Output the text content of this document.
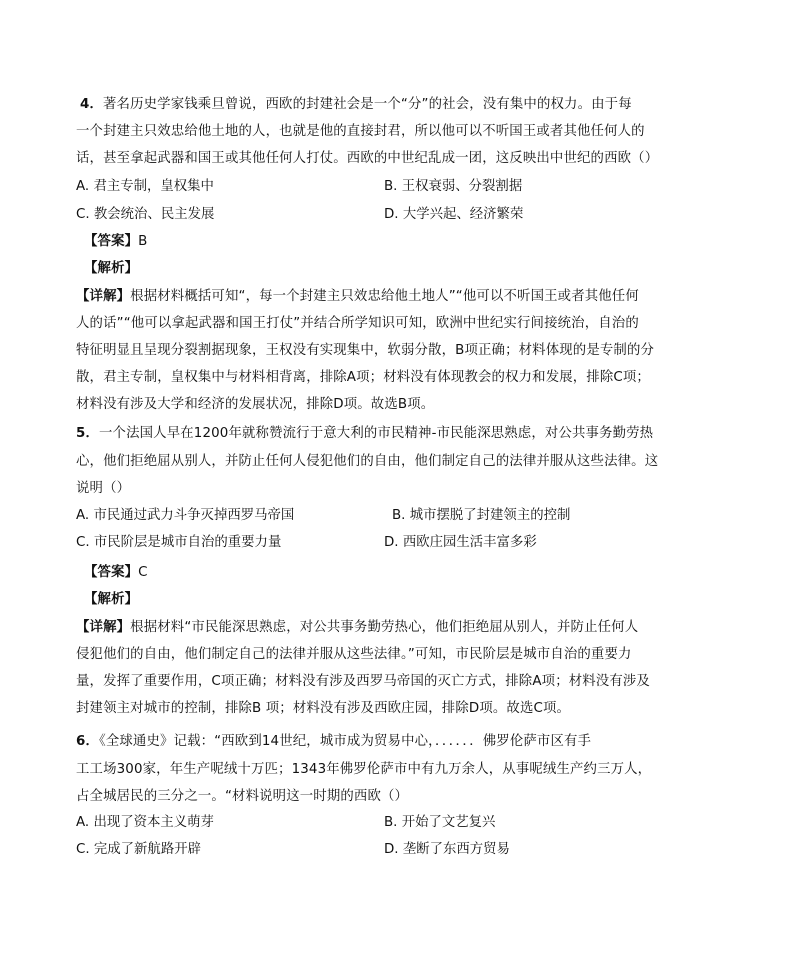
4．著名历史学家钱乘旦曾说，西欧的封建社会是一个“分”的社会，没有集中的权力。由于每
一个封建主只效忠给他土地的人，也就是他的直接封君，所以他可以不听国王或者其他任何人的
话，甚至拿起武器和国王或其他任何人打仗。西欧的中世纪乱成一团，这反映出中世纪的西欧（）
A. 君主专制，皇权集中	B. 王权衰弱、分裂割据
C. 教会统治、民主发展	D. 大学兴起、经济繁荣
【答案】B
【解析】
【详解】根据材料概括可知“，每一个封建主只效忠给他土地人”“他可以不听国王或者其他任何
人的话”“他可以拿起武器和国王打仗”并结合所学知识可知，欧洲中世纪实行间接统治，自治的
特征明显且呈现分裂割据现象，王权没有实现集中，软弱分散，B项正确；材料体现的是专制的分
散，君主专制，皇权集中与材料相背离，排除A项；材料没有体现教会的权力和发展，排除C项；
材料没有涉及大学和经济的发展状况，排除D项。故选B项。
5．一个法国人早在1200年就称赞流行于意大利的市民精神-市民能深思熟虑，对公共事务勤劳热
心，他们拒绝屈从别人，并防止任何人侵犯他们的自由，他们制定自己的法律并服从这些法律。这
说明（）
A. 市民通过武力斗争灭掉西罗马帝国	B. 城市摆脱了封建领主的控制
C. 市民阶层是城市自治的重要力量	D. 西欧庄园生活丰富多彩
【答案】C
【解析】
【详解】根据材料“市民能深思熟虑，对公共事务勤劳热心，他们拒绝屈从别人，并防止任何人
侵犯他们的自由，他们制定自己的法律并服从这些法律。”可知，市民阶层是城市自治的重要力
量，发挥了重要作用，C项正确；材料没有涉及西罗马帝国的灭亡方式，排除A项；材料没有涉及
封建领主对城市的控制，排除B 项；材料没有涉及西欧庄园，排除D项。故选C项。
6．《全球通史》记载：“西欧到14世纪，城市成为贸易中心，．．．．．．佛罗伦萨市区有手
工工场300家，年生产呢绒十万匹；1343年佛罗伦萨市中有九万余人，从事呢绒生产约三万人，
占全城居民的三分之一。“材料说明这一时期的西欧（）
A. 出现了资本主义萌芽	B. 开始了文艺复兴
C. 完成了新航路开辟	D. 垄断了东西方贸易
